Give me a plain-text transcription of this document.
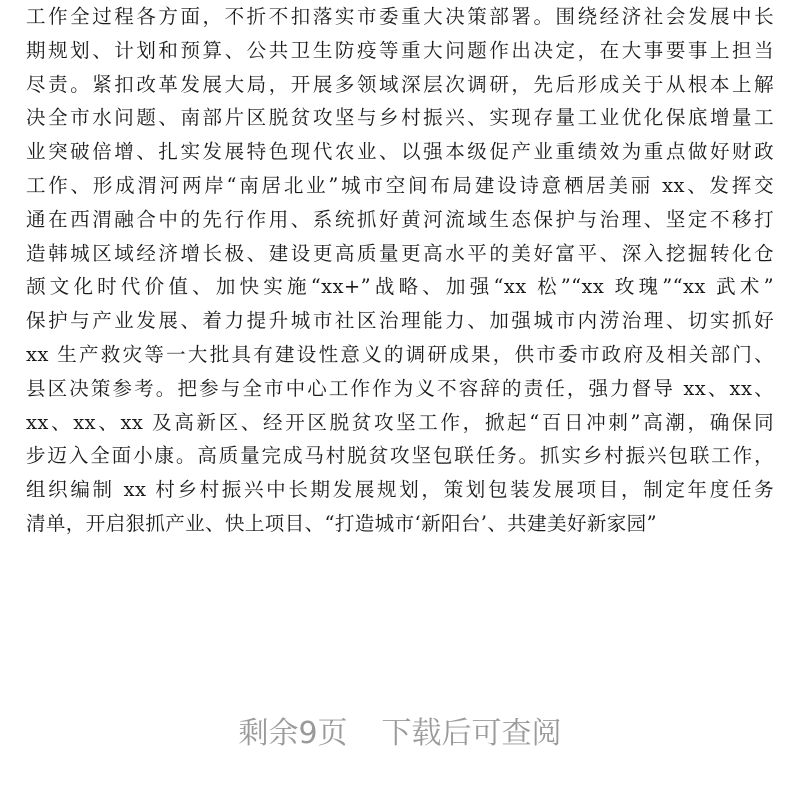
工作全过程各方面，不折不扣落实市委重大决策部署。围绕经济社会发展中长
期规划、计划和预算、公共卫生防疫等重大问题作出决定，在大事要事上担当
尽责。紧扣改革发展大局，开展多领域深层次调研，先后形成关于从根本上解
决全市水问题、南部片区脱贫攻坚与乡村振兴、实现存量工业优化保底增量工
业突破倍增、扎实发展特色现代农业、以强本级促产业重绩效为重点做好财政
工作、形成渭河两岸“南居北业”城市空间布局建设诗意栖居美丽 xx、发挥交
通在西渭融合中的先行作用、系统抓好黄河流域生态保护与治理、坚定不移打
造韩城区域经济增长极、建设更高质量更高水平的美好富平、深入挖掘转化仓
颉文化时代价值、加快实施“xx+”战略、加强“xx 松”“xx 玫瑰”“xx 武术”
保护与产业发展、着力提升城市社区治理能力、加强城市内涝治理、切实抓好
xx 生产救灾等一大批具有建设性意义的调研成果，供市委市政府及相关部门、
县区决策参考。把参与全市中心工作作为义不容辞的责任，强力督导 xx、xx、
xx、xx、xx 及高新区、经开区脱贫攻坚工作，掀起“百日冲刺”高潮，确保同
步迈入全面小康。高质量完成马村脱贫攻坚包联任务。抓实乡村振兴包联工作，
组织编制 xx 村乡村振兴中长期发展规划，策划包装发展项目，制定年度任务
清单，开启狠抓产业、快上项目、“打造城市‘新阳台’、共建美好新家园”
剩余9页 下载后可查阅
